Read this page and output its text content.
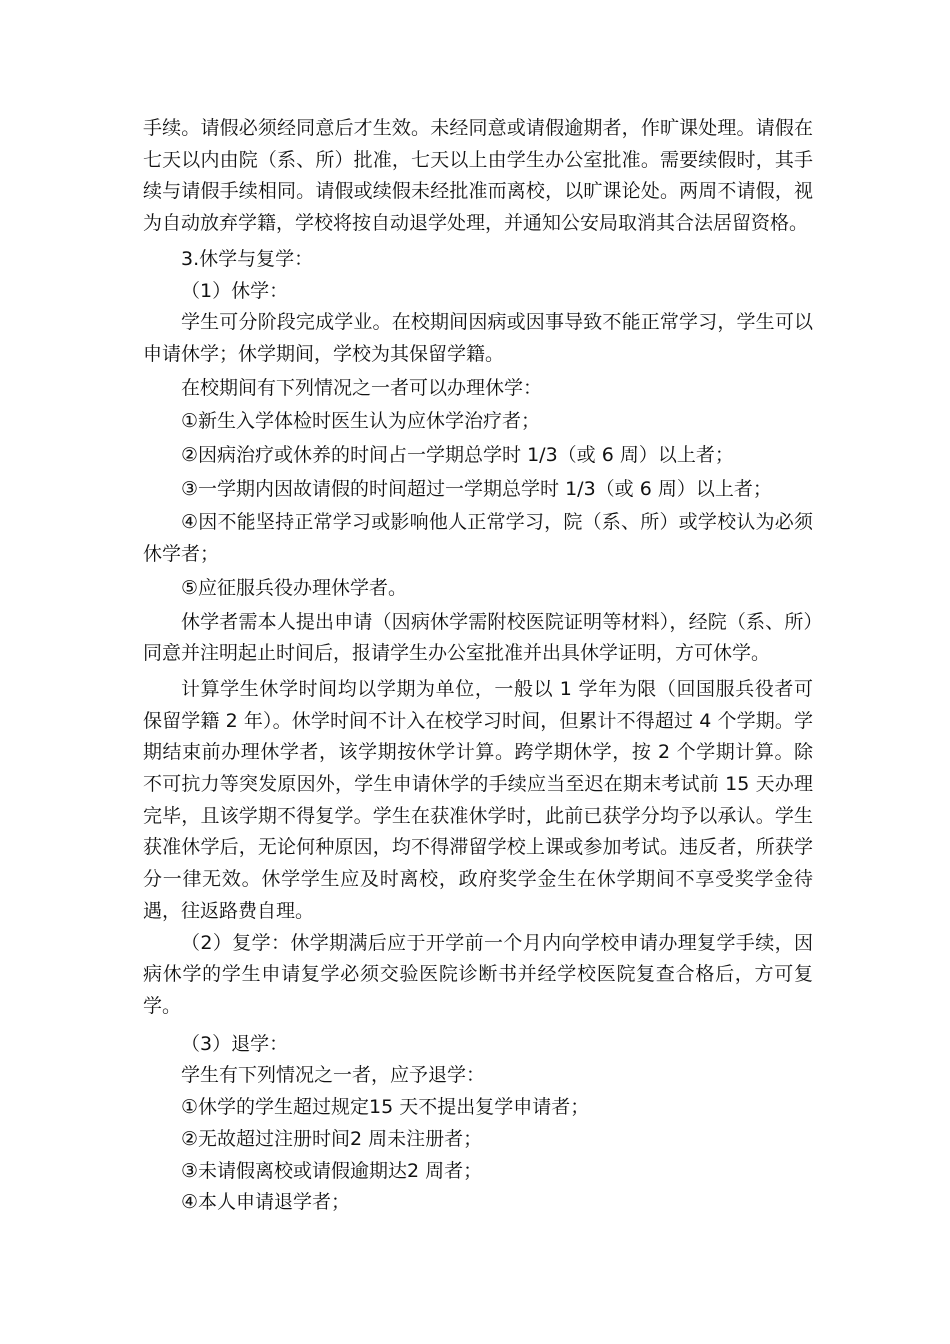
手续。请假必须经同意后才生效。未经同意或请假逾期者，作旷课处理。请假在七天以内由院（系、所）批准，七天以上由学生办公室批准。需要续假时，其手续与请假手续相同。请假或续假未经批准而离校，以旷课论处。两周不请假，视为自动放弃学籍，学校将按自动退学处理，并通知公安局取消其合法居留资格。

3.休学与复学：

（1）休学：

学生可分阶段完成学业。在校期间因病或因事导致不能正常学习，学生可以申请休学；休学期间，学校为其保留学籍。

在校期间有下列情况之一者可以办理休学：

①新生入学体检时医生认为应休学治疗者；

②因病治疗或休养的时间占一学期总学时 1/3（或 6 周）以上者；

③一学期内因故请假的时间超过一学期总学时 1/3（或 6 周）以上者；

④因不能坚持正常学习或影响他人正常学习，院（系、所）或学校认为必须休学者；

⑤应征服兵役办理休学者。

休学者需本人提出申请（因病休学需附校医院证明等材料），经院（系、所）同意并注明起止时间后，报请学生办公室批准并出具休学证明，方可休学。

计算学生休学时间均以学期为单位，一般以 1 学年为限（回国服兵役者可保留学籍 2 年）。休学时间不计入在校学习时间，但累计不得超过 4 个学期。学期结束前办理休学者，该学期按休学计算。跨学期休学，按 2 个学期计算。除不可抗力等突发原因外，学生申请休学的手续应当至迟在期末考试前 15 天办理完毕，且该学期不得复学。学生在获准休学时，此前已获学分均予以承认。学生获准休学后，无论何种原因，均不得滞留学校上课或参加考试。违反者，所获学分一律无效。休学学生应及时离校，政府奖学金生在休学期间不享受奖学金待遇，往返路费自理。

（2）复学：休学期满后应于开学前一个月内向学校申请办理复学手续，因病休学的学生申请复学必须交验医院诊断书并经学校医院复查合格后，方可复学。

（3）退学：

学生有下列情况之一者，应予退学：

①休学的学生超过规定15 天不提出复学申请者；

②无故超过注册时间2 周未注册者；

③未请假离校或请假逾期达2 周者；

④本人申请退学者；
